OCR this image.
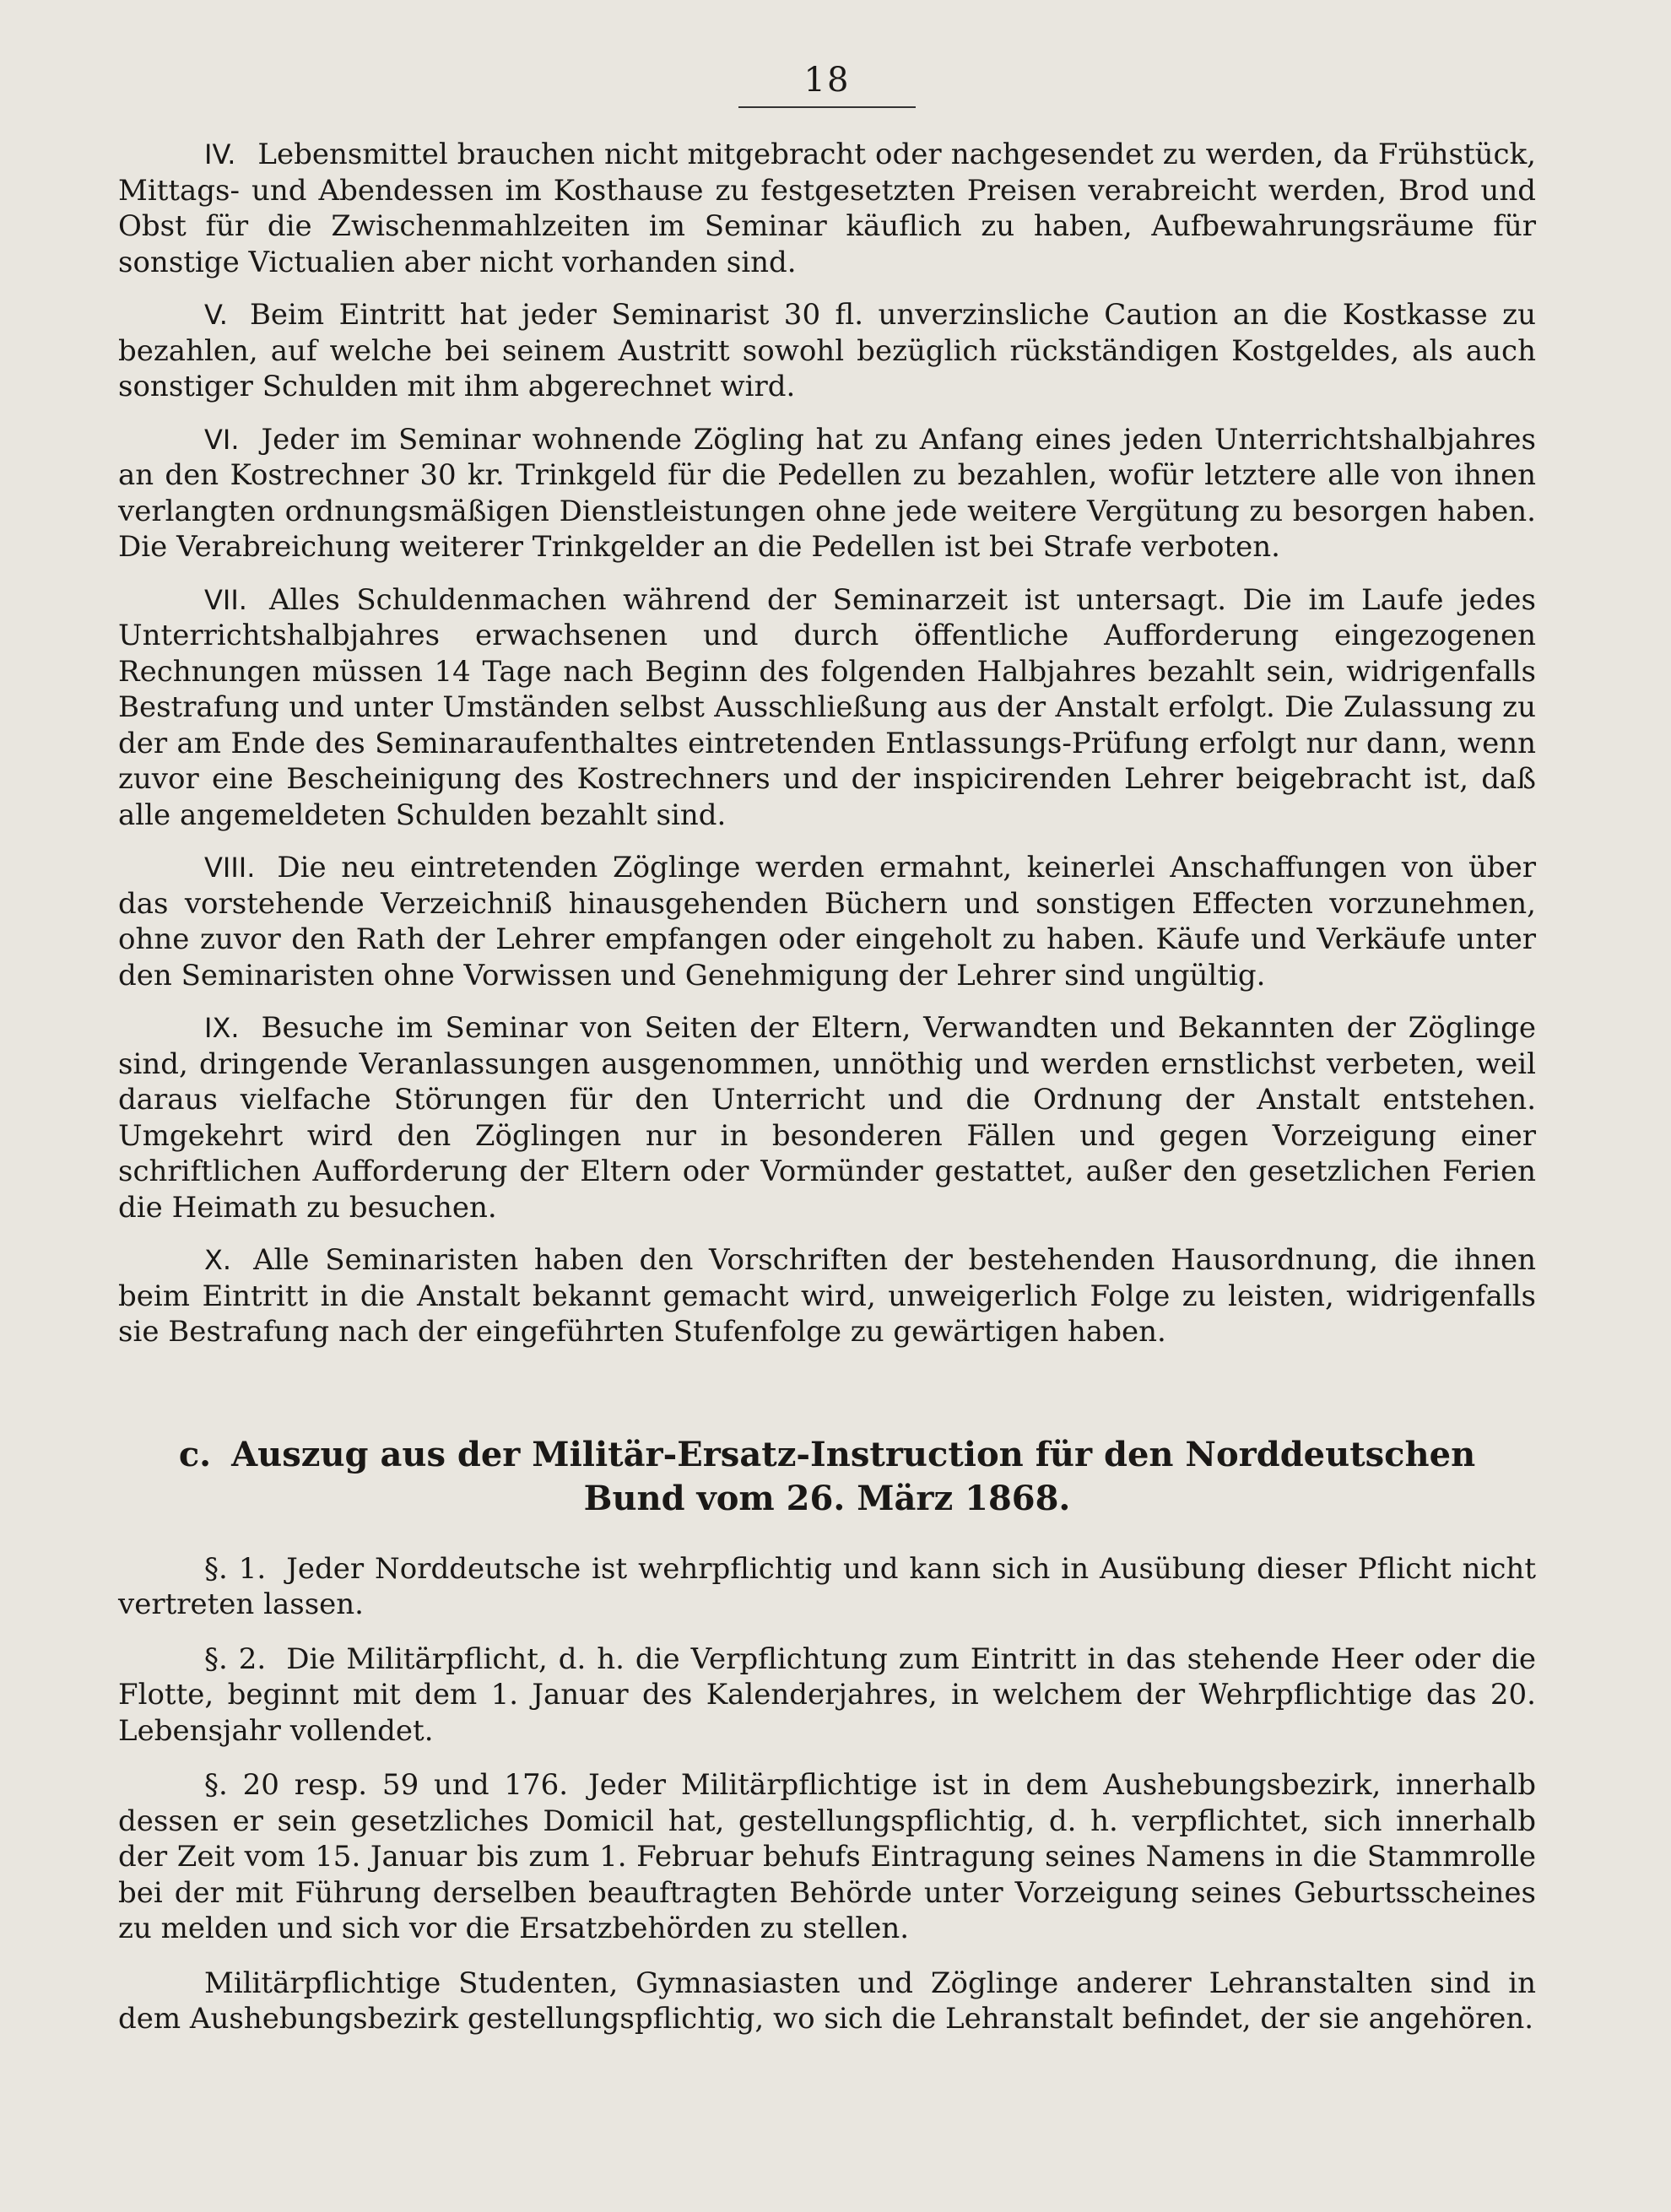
18

IV. Lebensmittel brauchen nicht mitgebracht oder nachgesendet zu werden, da Frühstück, Mittags- und Abendessen im Kosthause zu festgesetzten Preisen verabreicht werden, Brod und Obst für die Zwischenmahlzeiten im Seminar käuflich zu haben, Aufbewahrungsräume für sonstige Victualien aber nicht vorhanden sind.

V. Beim Eintritt hat jeder Seminarist 30 fl. unverzinsliche Caution an die Kostkasse zu bezahlen, auf welche bei seinem Austritt sowohl bezüglich rückständigen Kostgeldes, als auch sonstiger Schulden mit ihm abgerechnet wird.

VI. Jeder im Seminar wohnende Zögling hat zu Anfang eines jeden Unterrichtshalbjahres an den Kostrechner 30 kr. Trinkgeld für die Pedellen zu bezahlen, wofür letztere alle von ihnen verlangten ordnungsmäßigen Dienstleistungen ohne jede weitere Vergütung zu besorgen haben. Die Verabreichung weiterer Trinkgelder an die Pedellen ist bei Strafe verboten.

VII. Alles Schuldenmachen während der Seminarzeit ist untersagt. Die im Laufe jedes Unterrichtshalbjahres erwachsenen und durch öffentliche Aufforderung eingezogenen Rechnungen müssen 14 Tage nach Beginn des folgenden Halbjahres bezahlt sein, widrigenfalls Bestrafung und unter Umständen selbst Ausschließung aus der Anstalt erfolgt. Die Zulassung zu der am Ende des Seminaraufenthaltes eintretenden Entlassungs-Prüfung erfolgt nur dann, wenn zuvor eine Bescheinigung des Kostrechners und der inspicirenden Lehrer beigebracht ist, daß alle angemeldeten Schulden bezahlt sind.

VIII. Die neu eintretenden Zöglinge werden ermahnt, keinerlei Anschaffungen von über das vorstehende Verzeichniß hinausgehenden Büchern und sonstigen Effecten vorzunehmen, ohne zuvor den Rath der Lehrer empfangen oder eingeholt zu haben. Käufe und Verkäufe unter den Seminaristen ohne Vorwissen und Genehmigung der Lehrer sind ungültig.

IX. Besuche im Seminar von Seiten der Eltern, Verwandten und Bekannten der Zöglinge sind, dringende Veranlassungen ausgenommen, unnöthig und werden ernstlichst verbeten, weil daraus vielfache Störungen für den Unterricht und die Ordnung der Anstalt entstehen. Umgekehrt wird den Zöglingen nur in besonderen Fällen und gegen Vorzeigung einer schriftlichen Aufforderung der Eltern oder Vormünder gestattet, außer den gesetzlichen Ferien die Heimath zu besuchen.

X. Alle Seminaristen haben den Vorschriften der bestehenden Hausordnung, die ihnen beim Eintritt in die Anstalt bekannt gemacht wird, unweigerlich Folge zu leisten, widrigenfalls sie Bestrafung nach der eingeführten Stufenfolge zu gewärtigen haben.

c. Auszug aus der Militär-Ersatz-Instruction für den Norddeutschen
Bund vom 26. März 1868.

§. 1. Jeder Norddeutsche ist wehrpflichtig und kann sich in Ausübung dieser Pflicht nicht vertreten lassen.

§. 2. Die Militärpflicht, d. h. die Verpflichtung zum Eintritt in das stehende Heer oder die Flotte, beginnt mit dem 1. Januar des Kalenderjahres, in welchem der Wehrpflichtige das 20. Lebensjahr vollendet.

§. 20 resp. 59 und 176. Jeder Militärpflichtige ist in dem Aushebungsbezirk, innerhalb dessen er sein gesetzliches Domicil hat, gestellungspflichtig, d. h. verpflichtet, sich innerhalb der Zeit vom 15. Januar bis zum 1. Februar behufs Eintragung seines Namens in die Stammrolle bei der mit Führung derselben beauftragten Behörde unter Vorzeigung seines Geburtsscheines zu melden und sich vor die Ersatzbehörden zu stellen.

Militärpflichtige Studenten, Gymnasiasten und Zöglinge anderer Lehranstalten sind in dem Aushebungsbezirk gestellungspflichtig, wo sich die Lehranstalt befindet, der sie angehören.
